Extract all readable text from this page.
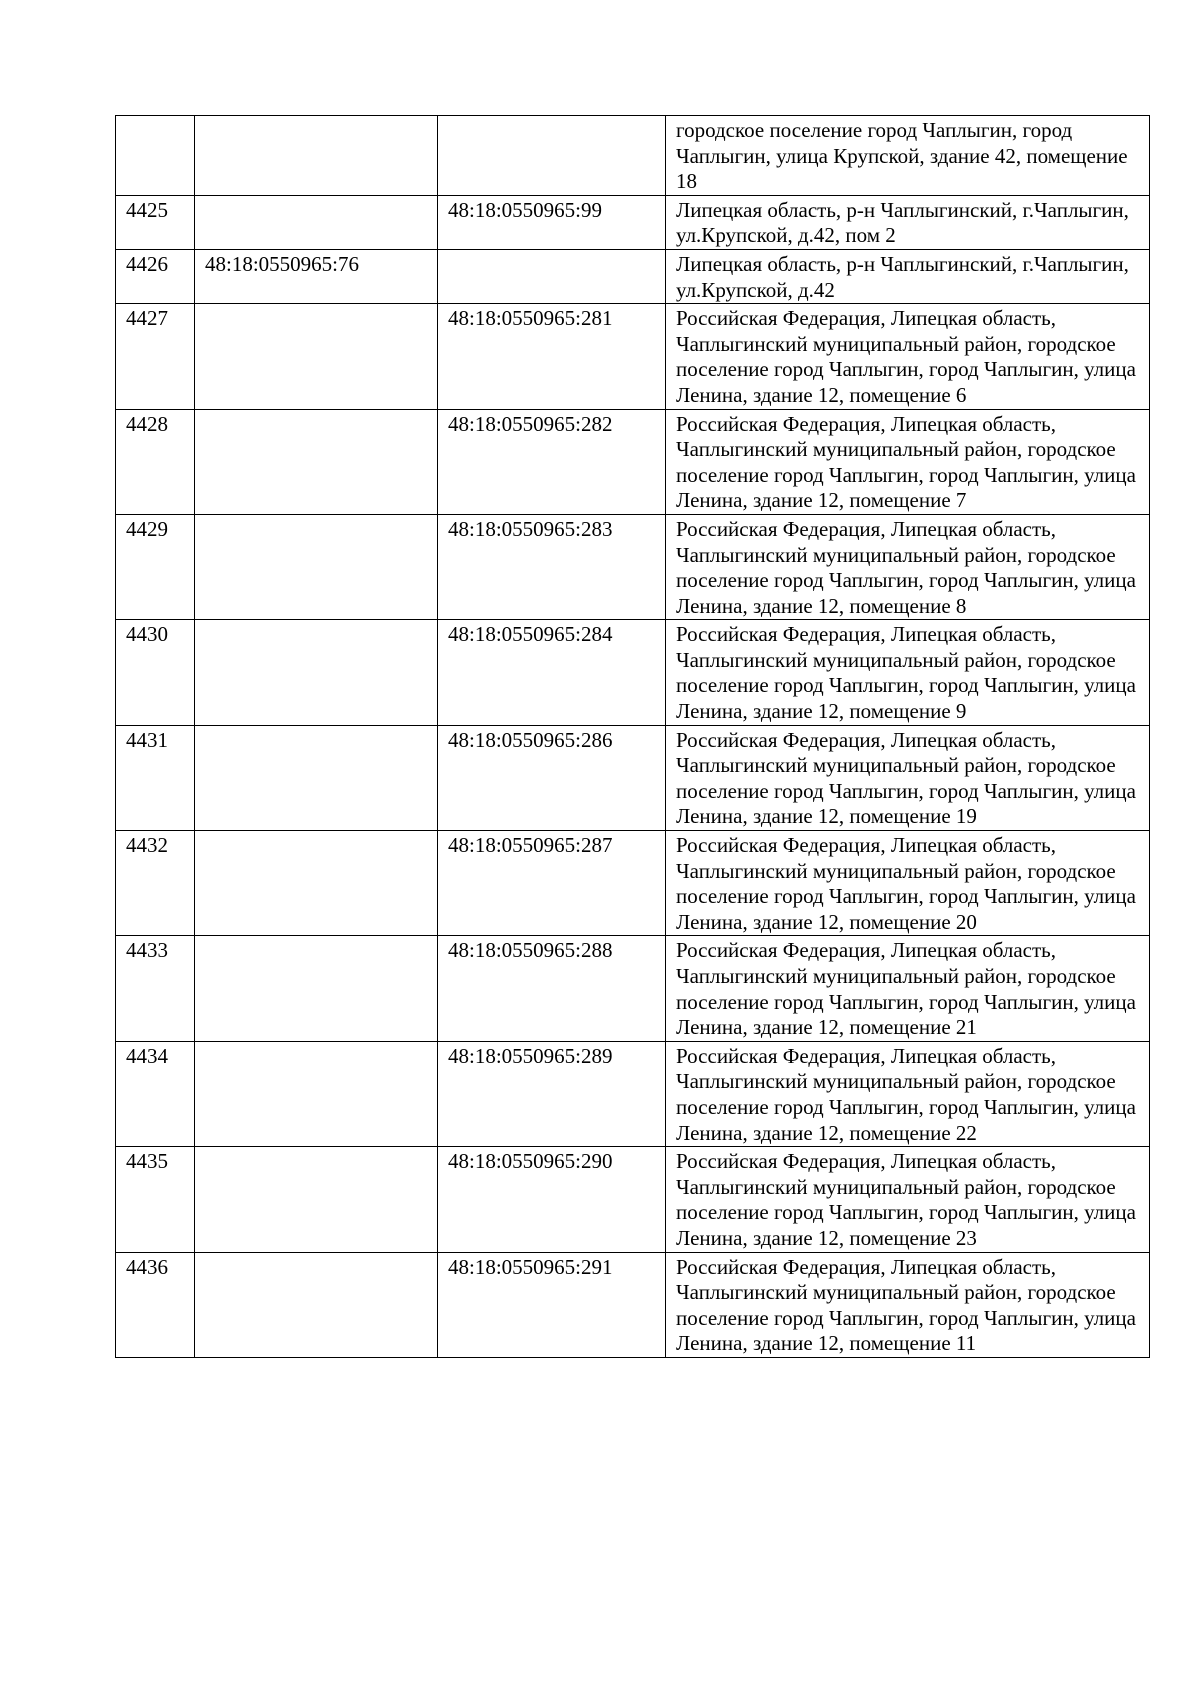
			городское поселение город Чаплыгин, город Чаплыгин, улица Крупской, здание 42, помещение 18
4425		48:18:0550965:99	Липецкая область, р-н Чаплыгинский, г.Чаплыгин, ул.Крупской, д.42, пом 2
4426	48:18:0550965:76		Липецкая область, р-н Чаплыгинский, г.Чаплыгин, ул.Крупской, д.42
4427		48:18:0550965:281	Российская Федерация, Липецкая область, Чаплыгинский муниципальный район, городское поселение город Чаплыгин, город Чаплыгин, улица Ленина, здание 12, помещение 6
4428		48:18:0550965:282	Российская Федерация, Липецкая область, Чаплыгинский муниципальный район, городское поселение город Чаплыгин, город Чаплыгин, улица Ленина, здание 12, помещение 7
4429		48:18:0550965:283	Российская Федерация, Липецкая область, Чаплыгинский муниципальный район, городское поселение город Чаплыгин, город Чаплыгин, улица Ленина, здание 12, помещение 8
4430		48:18:0550965:284	Российская Федерация, Липецкая область, Чаплыгинский муниципальный район, городское поселение город Чаплыгин, город Чаплыгин, улица Ленина, здание 12, помещение 9
4431		48:18:0550965:286	Российская Федерация, Липецкая область, Чаплыгинский муниципальный район, городское поселение город Чаплыгин, город Чаплыгин, улица Ленина, здание 12, помещение 19
4432		48:18:0550965:287	Российская Федерация, Липецкая область, Чаплыгинский муниципальный район, городское поселение город Чаплыгин, город Чаплыгин, улица Ленина, здание 12, помещение 20
4433		48:18:0550965:288	Российская Федерация, Липецкая область, Чаплыгинский муниципальный район, городское поселение город Чаплыгин, город Чаплыгин, улица Ленина, здание 12, помещение 21
4434		48:18:0550965:289	Российская Федерация, Липецкая область, Чаплыгинский муниципальный район, городское поселение город Чаплыгин, город Чаплыгин, улица Ленина, здание 12, помещение 22
4435		48:18:0550965:290	Российская Федерация, Липецкая область, Чаплыгинский муниципальный район, городское поселение город Чаплыгин, город Чаплыгин, улица Ленина, здание 12, помещение 23
4436		48:18:0550965:291	Российская Федерация, Липецкая область, Чаплыгинский муниципальный район, городское поселение город Чаплыгин, город Чаплыгин, улица Ленина, здание 12, помещение 11
